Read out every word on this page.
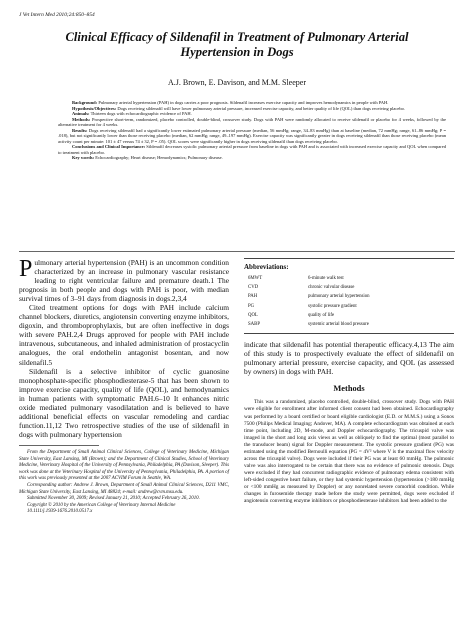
J Vet Intern Med 2010;24:850–854
Clinical Efficacy of Sildenafil in Treatment of Pulmonary Arterial Hypertension in Dogs
A.J. Brown, E. Davison, and M.M. Sleeper

Background: Pulmonary arterial hypertension (PAH) in dogs carries a poor prognosis. Sildenafil increases exercise capacity and improves hemodynamics in people with PAH.

Hypothesis/Objectives: Dogs receiving sildenafil will have lower pulmonary arterial pressure, increased exercise capacity, and better quality of life (QOL) than dogs receiving placebo.

Animals: Thirteen dogs with echocardiographic evidence of PAH.

Methods: Prospective short-term, randomized, placebo controlled, double-blind, crossover study. Dogs with PAH were randomly allocated to receive sildenafil or placebo for 4 weeks, followed by the alternative treatment for 4 weeks.

Results: Dogs receiving sildenafil had a significantly lower estimated pulmonary arterial pressure (median, 56 mmHg; range, 34–83 mmHg) than at baseline (median, 72 mmHg; range, 61–86 mmHg; P = .018), but not significantly lower than those receiving placebo (median, 62 mmHg; range, 49–197 mmHg). Exercise capacity was significantly greater in dogs receiving sildenafil than those receiving placebo (mean activity count per minute: 101 ± 47 versus 74 ± 32, P = .05). QOL scores were significantly higher in dogs receiving sildenafil than dogs receiving placebo.

Conclusions and Clinical Importance: Sildenafil decreases systolic pulmonary arterial pressure from baseline in dogs with PAH and is associated with increased exercise capacity and QOL when compared to treatment with placebo.

Key words: Echocardiography; Heart disease; Hemodynamics; Pulmonary disease.

Pulmonary arterial hypertension (PAH) is an uncommon condition characterized by an increase in pulmonary vascular resistance leading to right ventricular failure and premature death.1 The prognosis in both people and dogs with PAH is poor, with median survival times of 3–91 days from diagnosis in dogs.2,3,4

Cited treatment options for dogs with PAH include calcium channel blockers, diuretics, angiotensin converting enzyme inhibitors, digoxin, and thromboprophylaxis, but are often ineffective in dogs with severe PAH.2,4 Drugs approved for people with PAH include intravenous, subcutaneous, and inhaled administration of prostacyclin analogues, the oral endothelin antagonist bosentan, and now sildenafil.5

Sildenafil is a selective inhibitor of cyclic guanosine monophosphate-specific phosphodiesterase-5 that has been shown to improve exercise capacity, quality of life (QOL), and hemodynamics in human patients with symptomatic PAH.6–10 It enhances nitric oxide mediated pulmonary vasodilatation and is believed to have additional beneficial effects on vascular remodeling and cardiac function.11,12 Two retrospective studies of the use of sildenafil in dogs with pulmonary hypertension

From the Department of Small Animal Clinical Sciences, College of Veterinary Medicine, Michigan State University, East Lansing, MI (Brown); and the Department of Clinical Studies, School of Veterinary Medicine, Veterinary Hospital of the University of Pennsylvania, Philadelphia, PA (Davison, Sleeper). This work was done at the Veterinary Hospital of the University of Pennsylvania, Philadelphia, PA. A portion of this work was previously presented at the 2007 ACVIM Forum in Seattle, WA.

Corresponding author: Andrew J. Brown, Department of Small Animal Clinical Sciences, D211 VMC, Michigan State University, East Lansing, MI 48824; e-mail: andrew@cvm.msu.edu.

Submitted November 30, 2009; Revised January 21, 2010; Accepted February 26, 2010.

Copyright © 2010 by the American College of Veterinary Internal Medicine

10.1111/j.1939-1676.2010.0517.x

Abbreviations:
6MWT	6-minute walk test
CVD	chronic valvular disease
PAH	pulmonary arterial hypertension
PG	systolic pressure gradient
QOL	quality of life
SABP	systemic arterial blood pressure

indicate that sildenafil has potential therapeutic efficacy.4,13 The aim of this study is to prospectively evaluate the effect of sildenafil on pulmonary arterial pressure, exercise capacity, and QOL (as assessed by owners) in dogs with PAH.

Methods

This was a randomized, placebo controlled, double-blind, crossover study. Dogs with PAH were eligible for enrollment after informed client consent had been obtained. Echocardiography was performed by a board certified or board eligible cardiologist (E.D. or M.M.S.) using a Sonos 7500 (Philips Medical Imaging; Andover, MA). A complete echocardiogram was obtained at each time point, including 2D, M-mode, and Doppler echocardiography. The tricuspid valve was imaged in the short and long axis views as well as obliquely to find the optimal (most parallel to the transducer beam) signal for Doppler measurement. The systolic pressure gradient (PG) was estimated using the modified Bernoulli equation (PG = 4V² where V is the maximal flow velocity across the tricuspid valve). Dogs were included if their PG was at least 60 mmHg. The pulmonic valve was also interrogated to be certain that there was no evidence of pulmonic stenosis. Dogs were excluded if they had concurrent radiographic evidence of pulmonary edema consistent with left-sided congestive heart failure, or they had systemic hypertension (hypertension (>180 mmHg or <100 mmHg as measured by Doppler) or any nonrelated severe comorbid condition. While changes in furosemide therapy made before the study were permitted, dogs were excluded if angiotensin converting enzyme inhibitors or phosphodiesterase inhibitors had been added to the
